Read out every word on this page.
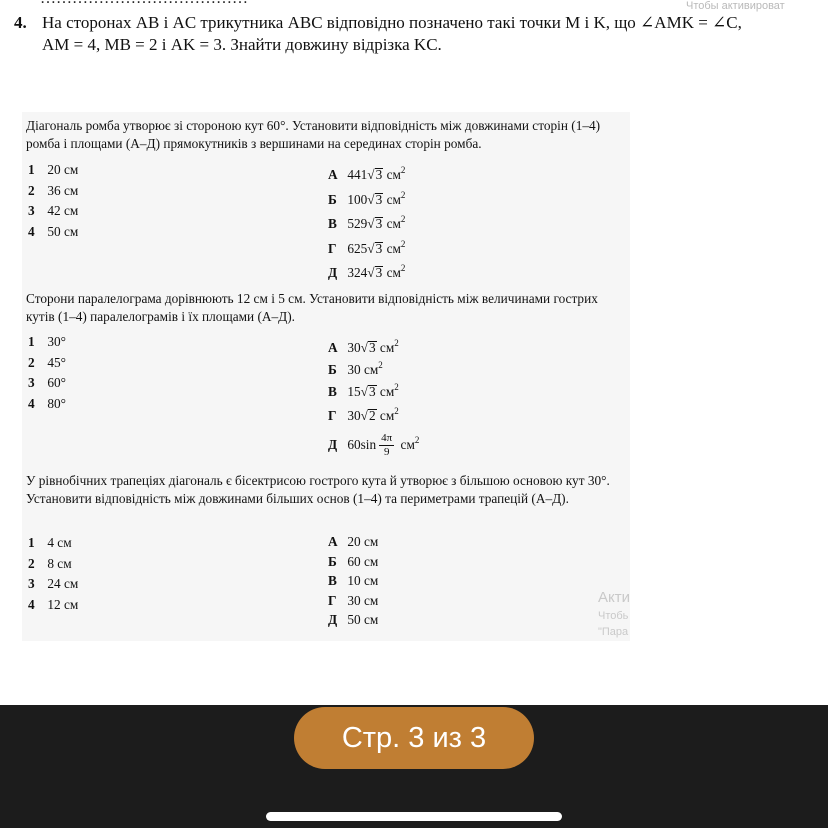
Чтобы активироват
4. На сторонах AB і AC трикутника ABC відповідно позначено такі точки M і K, що ∠AMK = ∠C,
AM = 4, MB = 2 і AK = 3. Знайти довжину відрізка KC.
Діагональ ромба утворює зі стороною кут 60°. Установити відповідність між довжинами сторін (1–4) ромба і площами (А–Д) прямокутників з вершинами на серединах сторін ромба.
1 20 см
2 36 см
3 42 см
4 50 см
А 441√3 $см^2$
Б 100√3 $см^2$
В 529√3 $см^2$
Г 625√3 $см^2$
Д 324√3 $см^2$
Сторони паралелограма дорівнюють 12 см і 5 см. Установити відповідність між величинами гострих кутів (1–4) паралелограмів і їх площами (А–Д).
1 30°
2 45°
3 60°
4 80°
А 30√3 $см^2$
Б 30 $см^2$
В 15√3 $см^2$
Г 30√2 $см^2$
Д $60\sin \frac{4\pi}{9} см^2$
У рівнобічних трапеціях діагональ є бісектрисою гострого кута й утворює з більшою основою кут 30°. Установити відповідність між довжинами більших основ (1–4) та периметрами трапецій (А–Д).
1 4 см
2 8 см
3 24 см
4 12 см
А 20 см
Б 60 см
В 10 см
Г 30 см
Д 50 см
Акти
Чтобь
"Пара
Стр. 3 из 3
